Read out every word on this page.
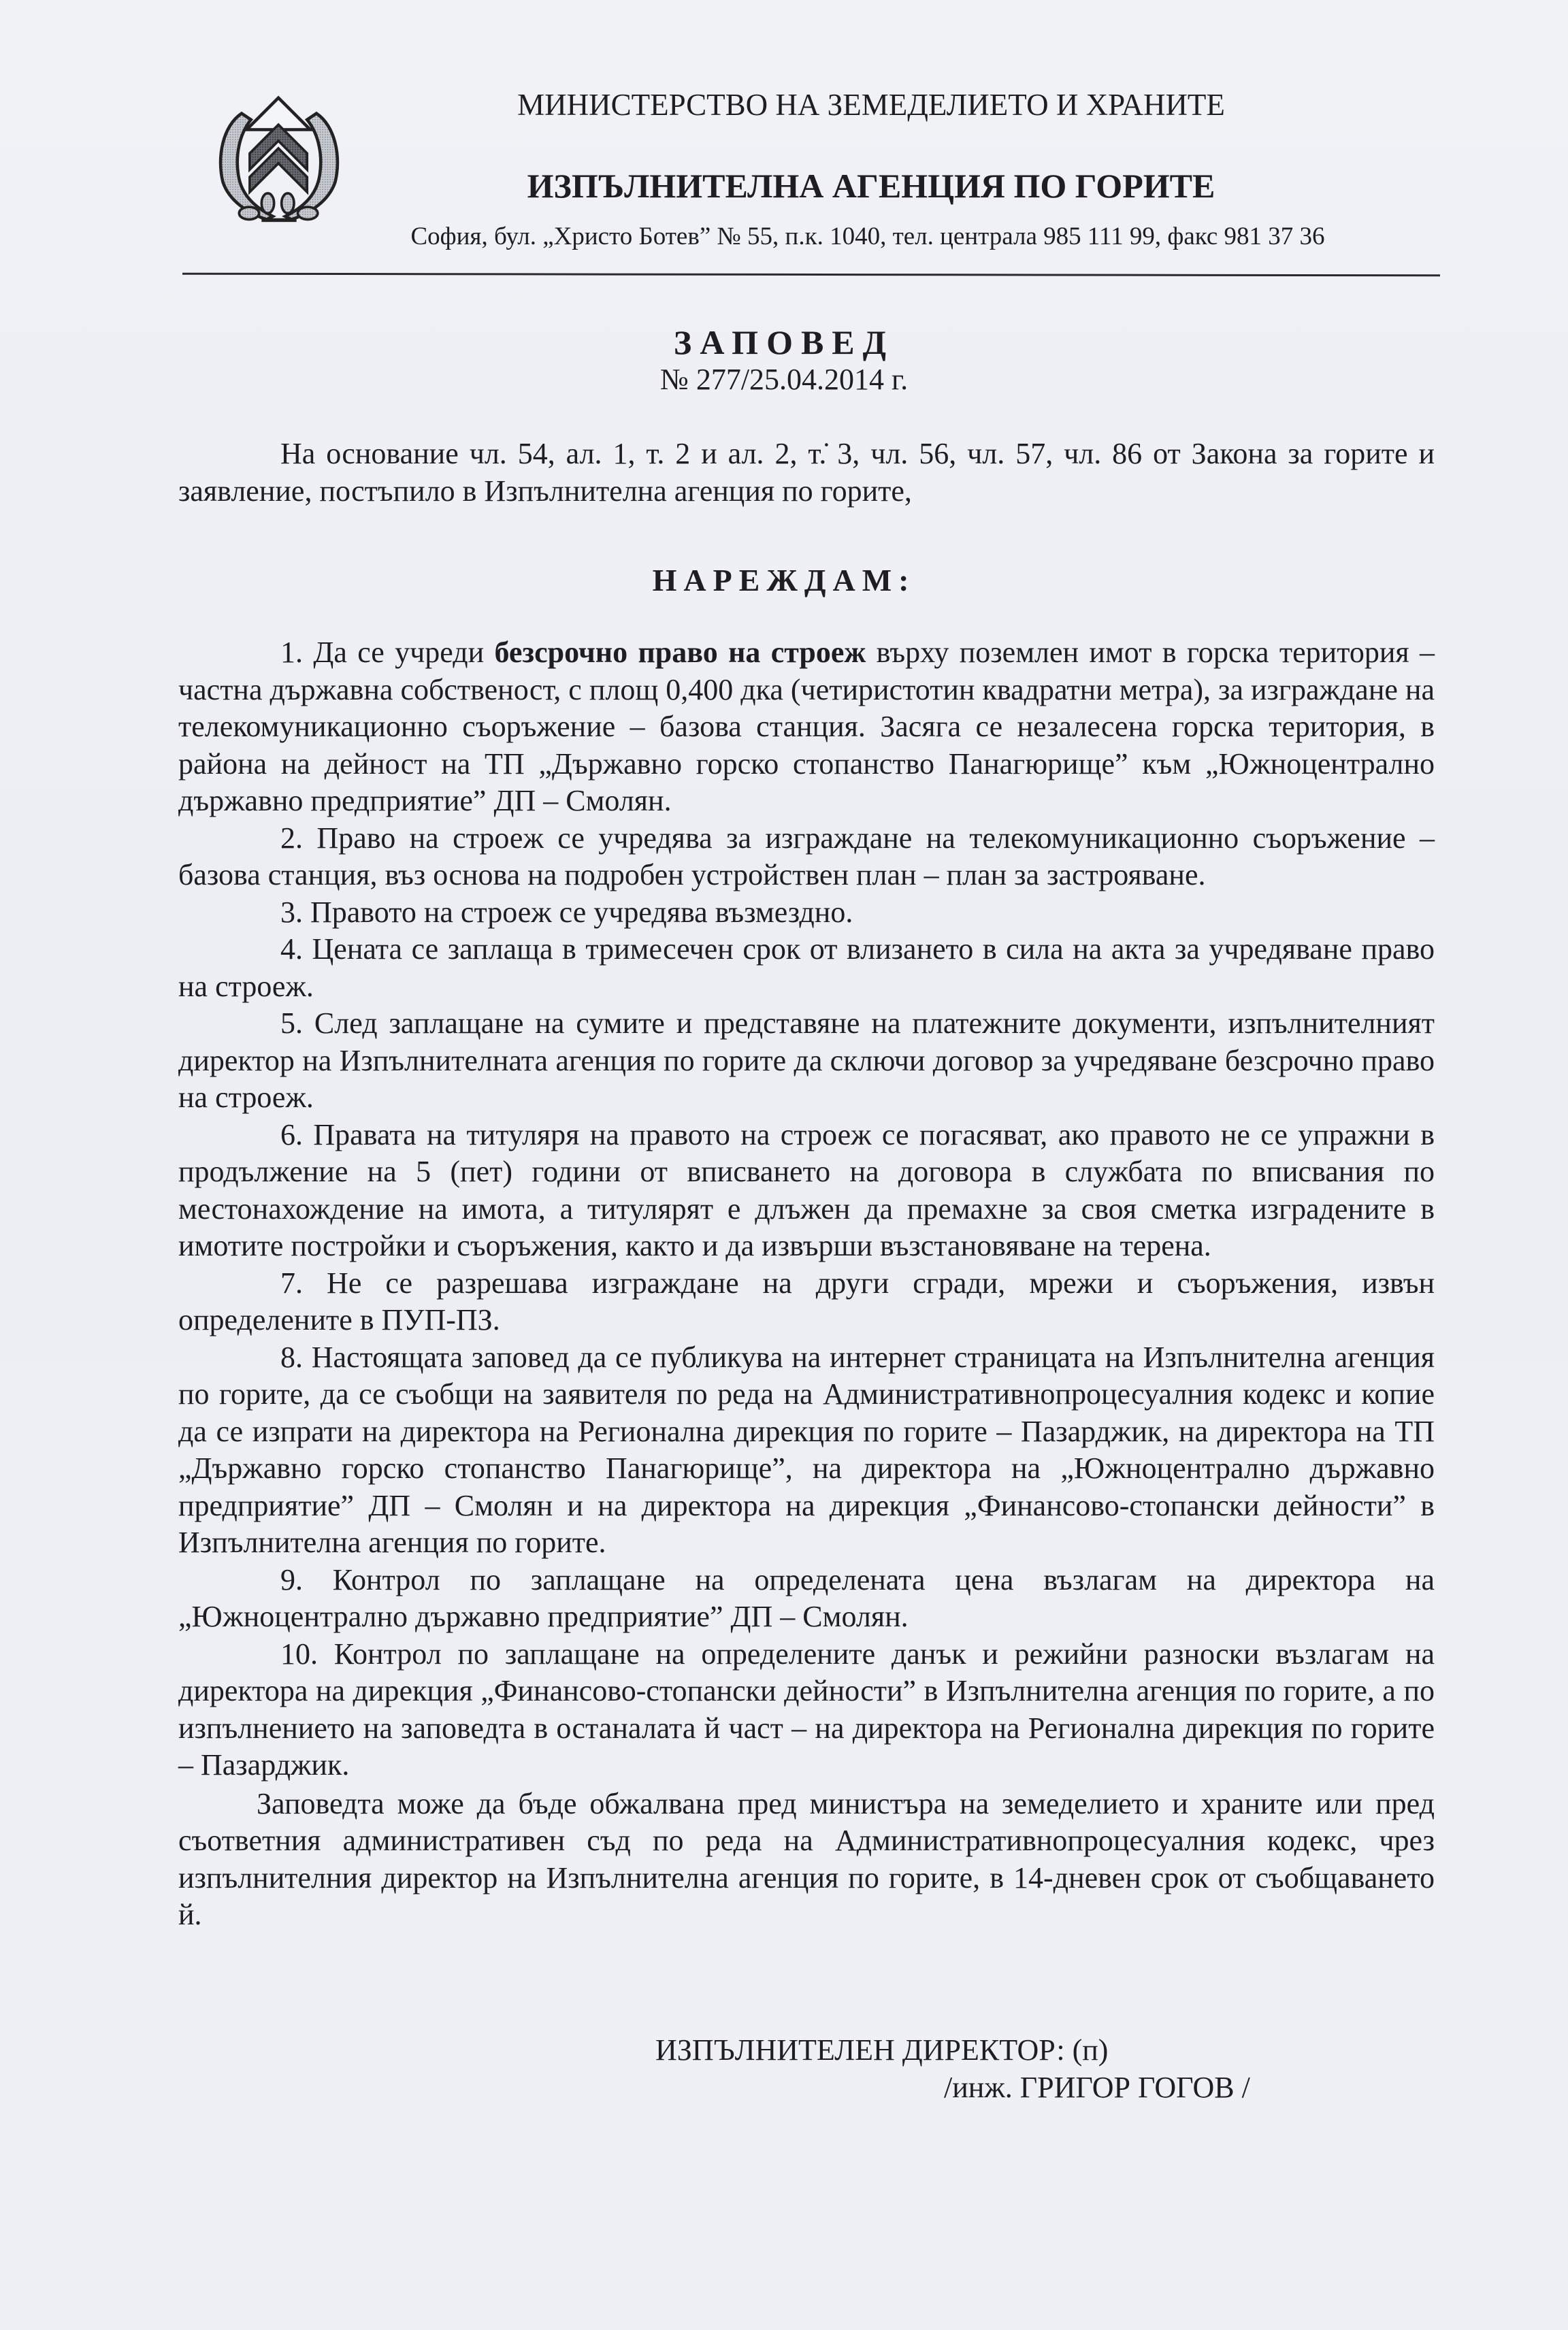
МИНИСТЕРСТВО НА ЗЕМЕДЕЛИЕТО И ХРАНИТЕ
ИЗПЪЛНИТЕЛНА АГЕНЦИЯ ПО ГОРИТЕ
София, бул. „Христо Ботев” № 55, п.к. 1040, тел. централа 985 111 99, факс 981 37 36
ЗАПОВЕД
№ 277/25.04.2014 г.

На основание чл. 54, ал. 1, т. 2 и ал. 2, т.̇ 3, чл. 56, чл. 57, чл. 86 от Закона за горите и заявление, постъпило в Изпълнителна агенция по горите,

НАРЕЖДАМ:

1. Да се учреди безсрочно право на строеж върху поземлен имот в горска територия – частна държавна собственост, с площ 0,400 дка (четиристотин квадратни метра), за изграждане на телекомуникационно съоръжение – базова станция. Засяга се незалесена горска територия, в района на дейност на ТП „Държавно горско стопанство Панагюрище” към „Южноцентрално държавно предприятие” ДП – Смолян.

2. Право на строеж се учредява за изграждане на телекомуникационно съоръжение – базова станция, въз основа на подробен устройствен план – план за застрояване.

3. Правото на строеж се учредява възмездно.

4. Цената се заплаща в тримесечен срок от влизането в сила на акта за учредяване право на строеж.

5. След заплащане на сумите и представяне на платежните документи, изпълнителният директор на Изпълнителната агенция по горите да сключи договор за учредяване безсрочно право на строеж.

6. Правата на титуляря на правото на строеж се погасяват, ако правото не се упражни в продължение на 5 (пет) години от вписването на договора в службата по вписвания по местонахождение на имота, а титулярят е длъжен да премахне за своя сметка изградените в имотите постройки и съоръжения, както и да извърши възстановяване на терена.

7. Не се разрешава изграждане на други сгради, мрежи и съоръжения, извън определените в ПУП-ПЗ.

8. Настоящата заповед да се публикува на интернет страницата на Изпълнителна агенция по горите, да се съобщи на заявителя по реда на Административнопроцесуалния кодекс и копие да се изпрати на директора на Регионална дирекция по горите – Пазарджик, на директора на ТП „Държавно горско стопанство Панагюрище”, на директора на „Южноцентрално държавно предприятие” ДП – Смолян и на директора на дирекция „Финансово-стопански дейности” в Изпълнителна агенция по горите.

9. Контрол по заплащане на определената цена възлагам на директора на „Южноцентрално държавно предприятие” ДП – Смолян.

10. Контрол по заплащане на определените данък и режийни разноски възлагам на директора на дирекция „Финансово-стопански дейности” в Изпълнителна агенция по горите, а по изпълнението на заповедта в останалата й част – на директора на Регионална дирекция по горите – Пазарджик.

Заповедта може да бъде обжалвана пред министъра на земеделието и храните или пред съответния административен съд по реда на Административнопроцесуалния кодекс, чрез изпълнителния директор на Изпълнителна агенция по горите, в 14-дневен срок от съобщаването й.

ИЗПЪЛНИТЕЛЕН ДИРЕКТОР: (п)
/инж. ГРИГОР ГОГОВ /
